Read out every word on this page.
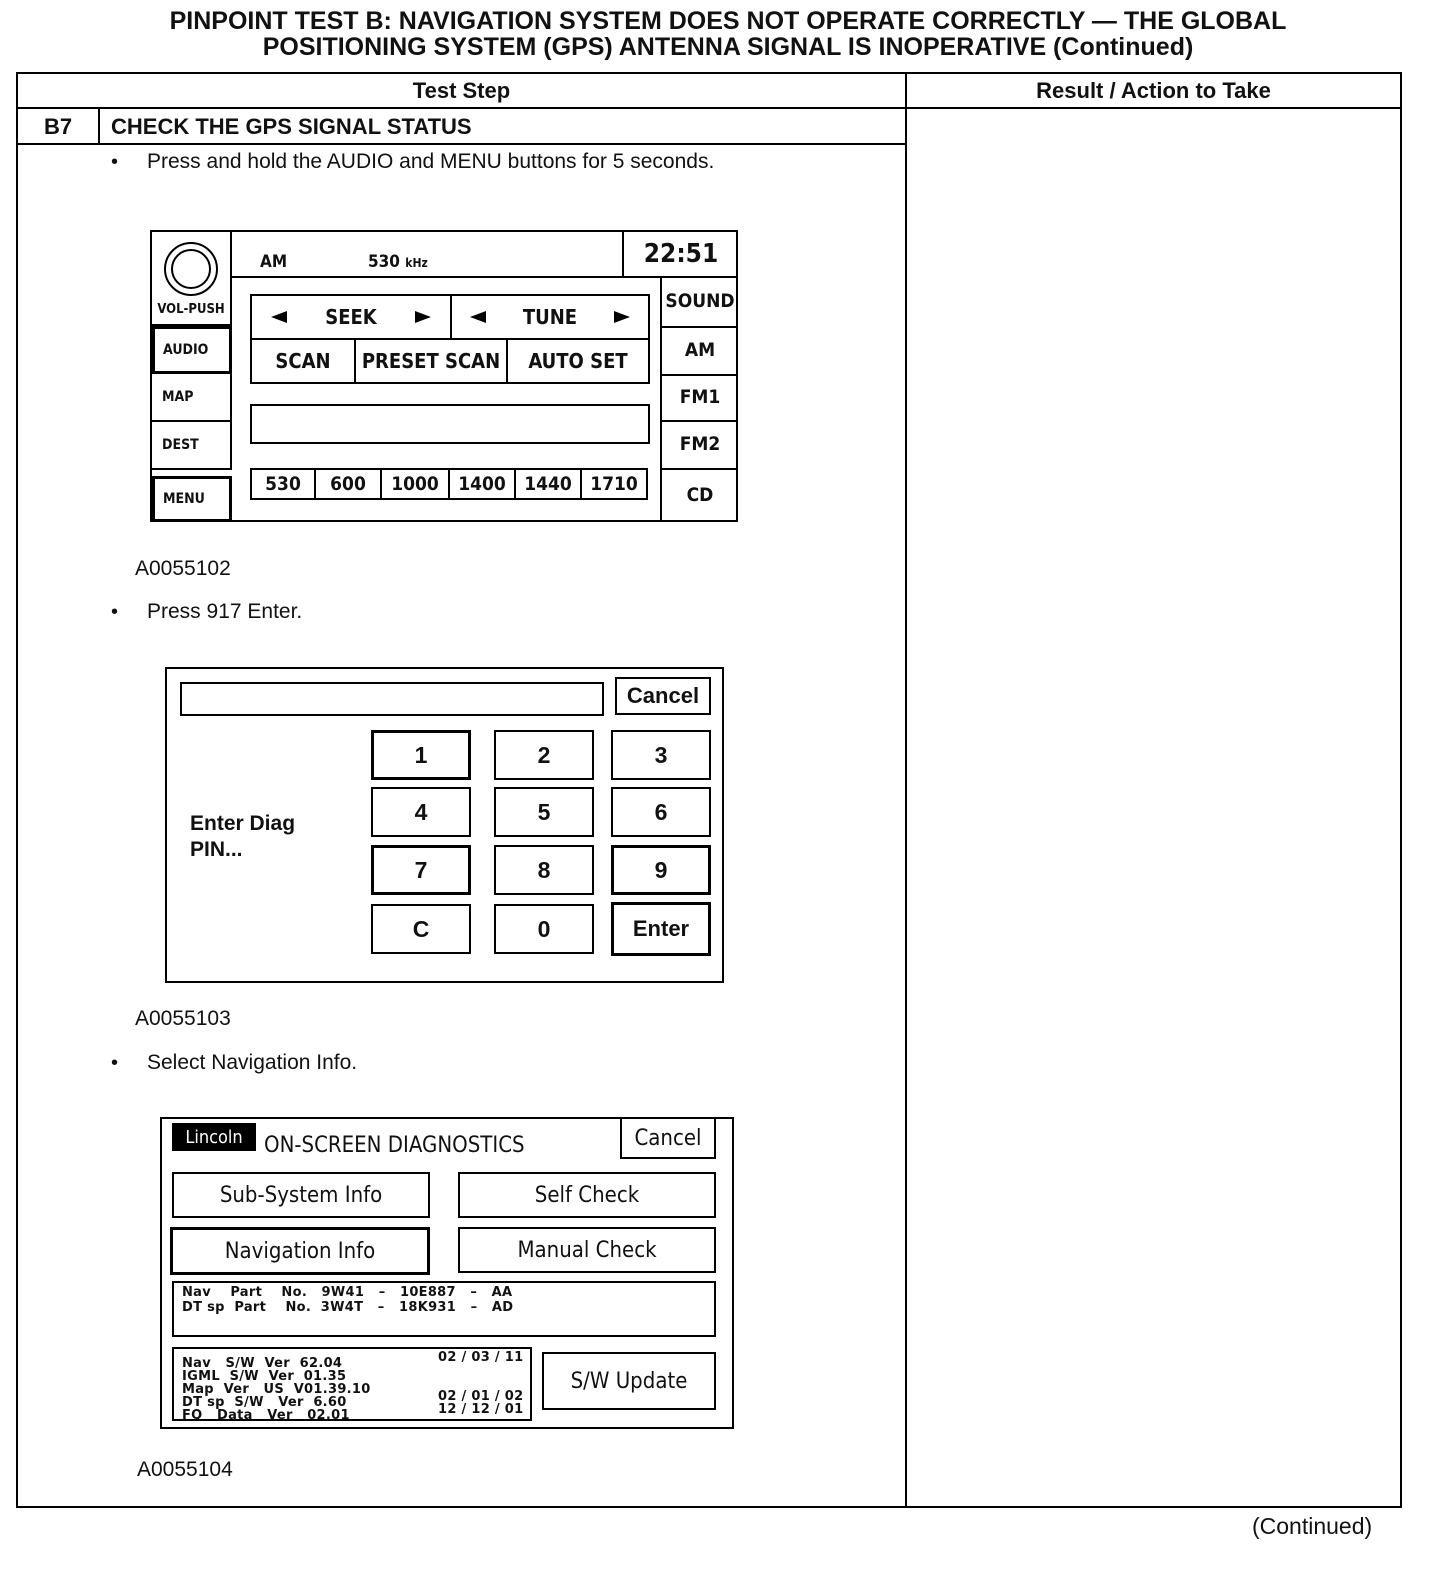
PINPOINT TEST B: NAVIGATION SYSTEM DOES NOT OPERATE CORRECTLY — THE GLOBAL
POSITIONING SYSTEM (GPS) ANTENNA SIGNAL IS INOPERATIVE (Continued)
Test Step	Result / Action to Take
B7	CHECK THE GPS SIGNAL STATUS
• Press and hold the AUDIO and MENU buttons for 5 seconds.
VOL-PUSH
AUDIO
MAP
DEST
MENU
AM	530 kHz	22:51
SEEK	TUNE
SCAN	PRESET SCAN	AUTO SET
530	600	1000	1400 1440 1710
SOUND
AM
FM1
FM2
CD
A0055102
• Press 917 Enter.
Cancel
Enter Diag
PIN...
1	2	3
4	5	6
7	8	9
C	0	Enter
A0055103
• Select Navigation Info.
Lincoln ON-SCREEN DIAGNOSTICS	Cancel
Sub-System Info	Self Check
Navigation Info	Manual Check
Nav    Part    No.   9W41   –   10E887   –   AA
DT sp  Part    No.  3W4T   –   18K931   –   AD
Nav   S/W  Ver  62.04	02 / 03 / 11
IGML  S/W  Ver  01.35
Map  Ver   US  V01.39.10
DT sp  S/W   Ver  6.60	02 / 01 / 02
FQ   Data   Ver   02.01	12 / 12 / 01
S/W Update
A0055104
(Continued)
